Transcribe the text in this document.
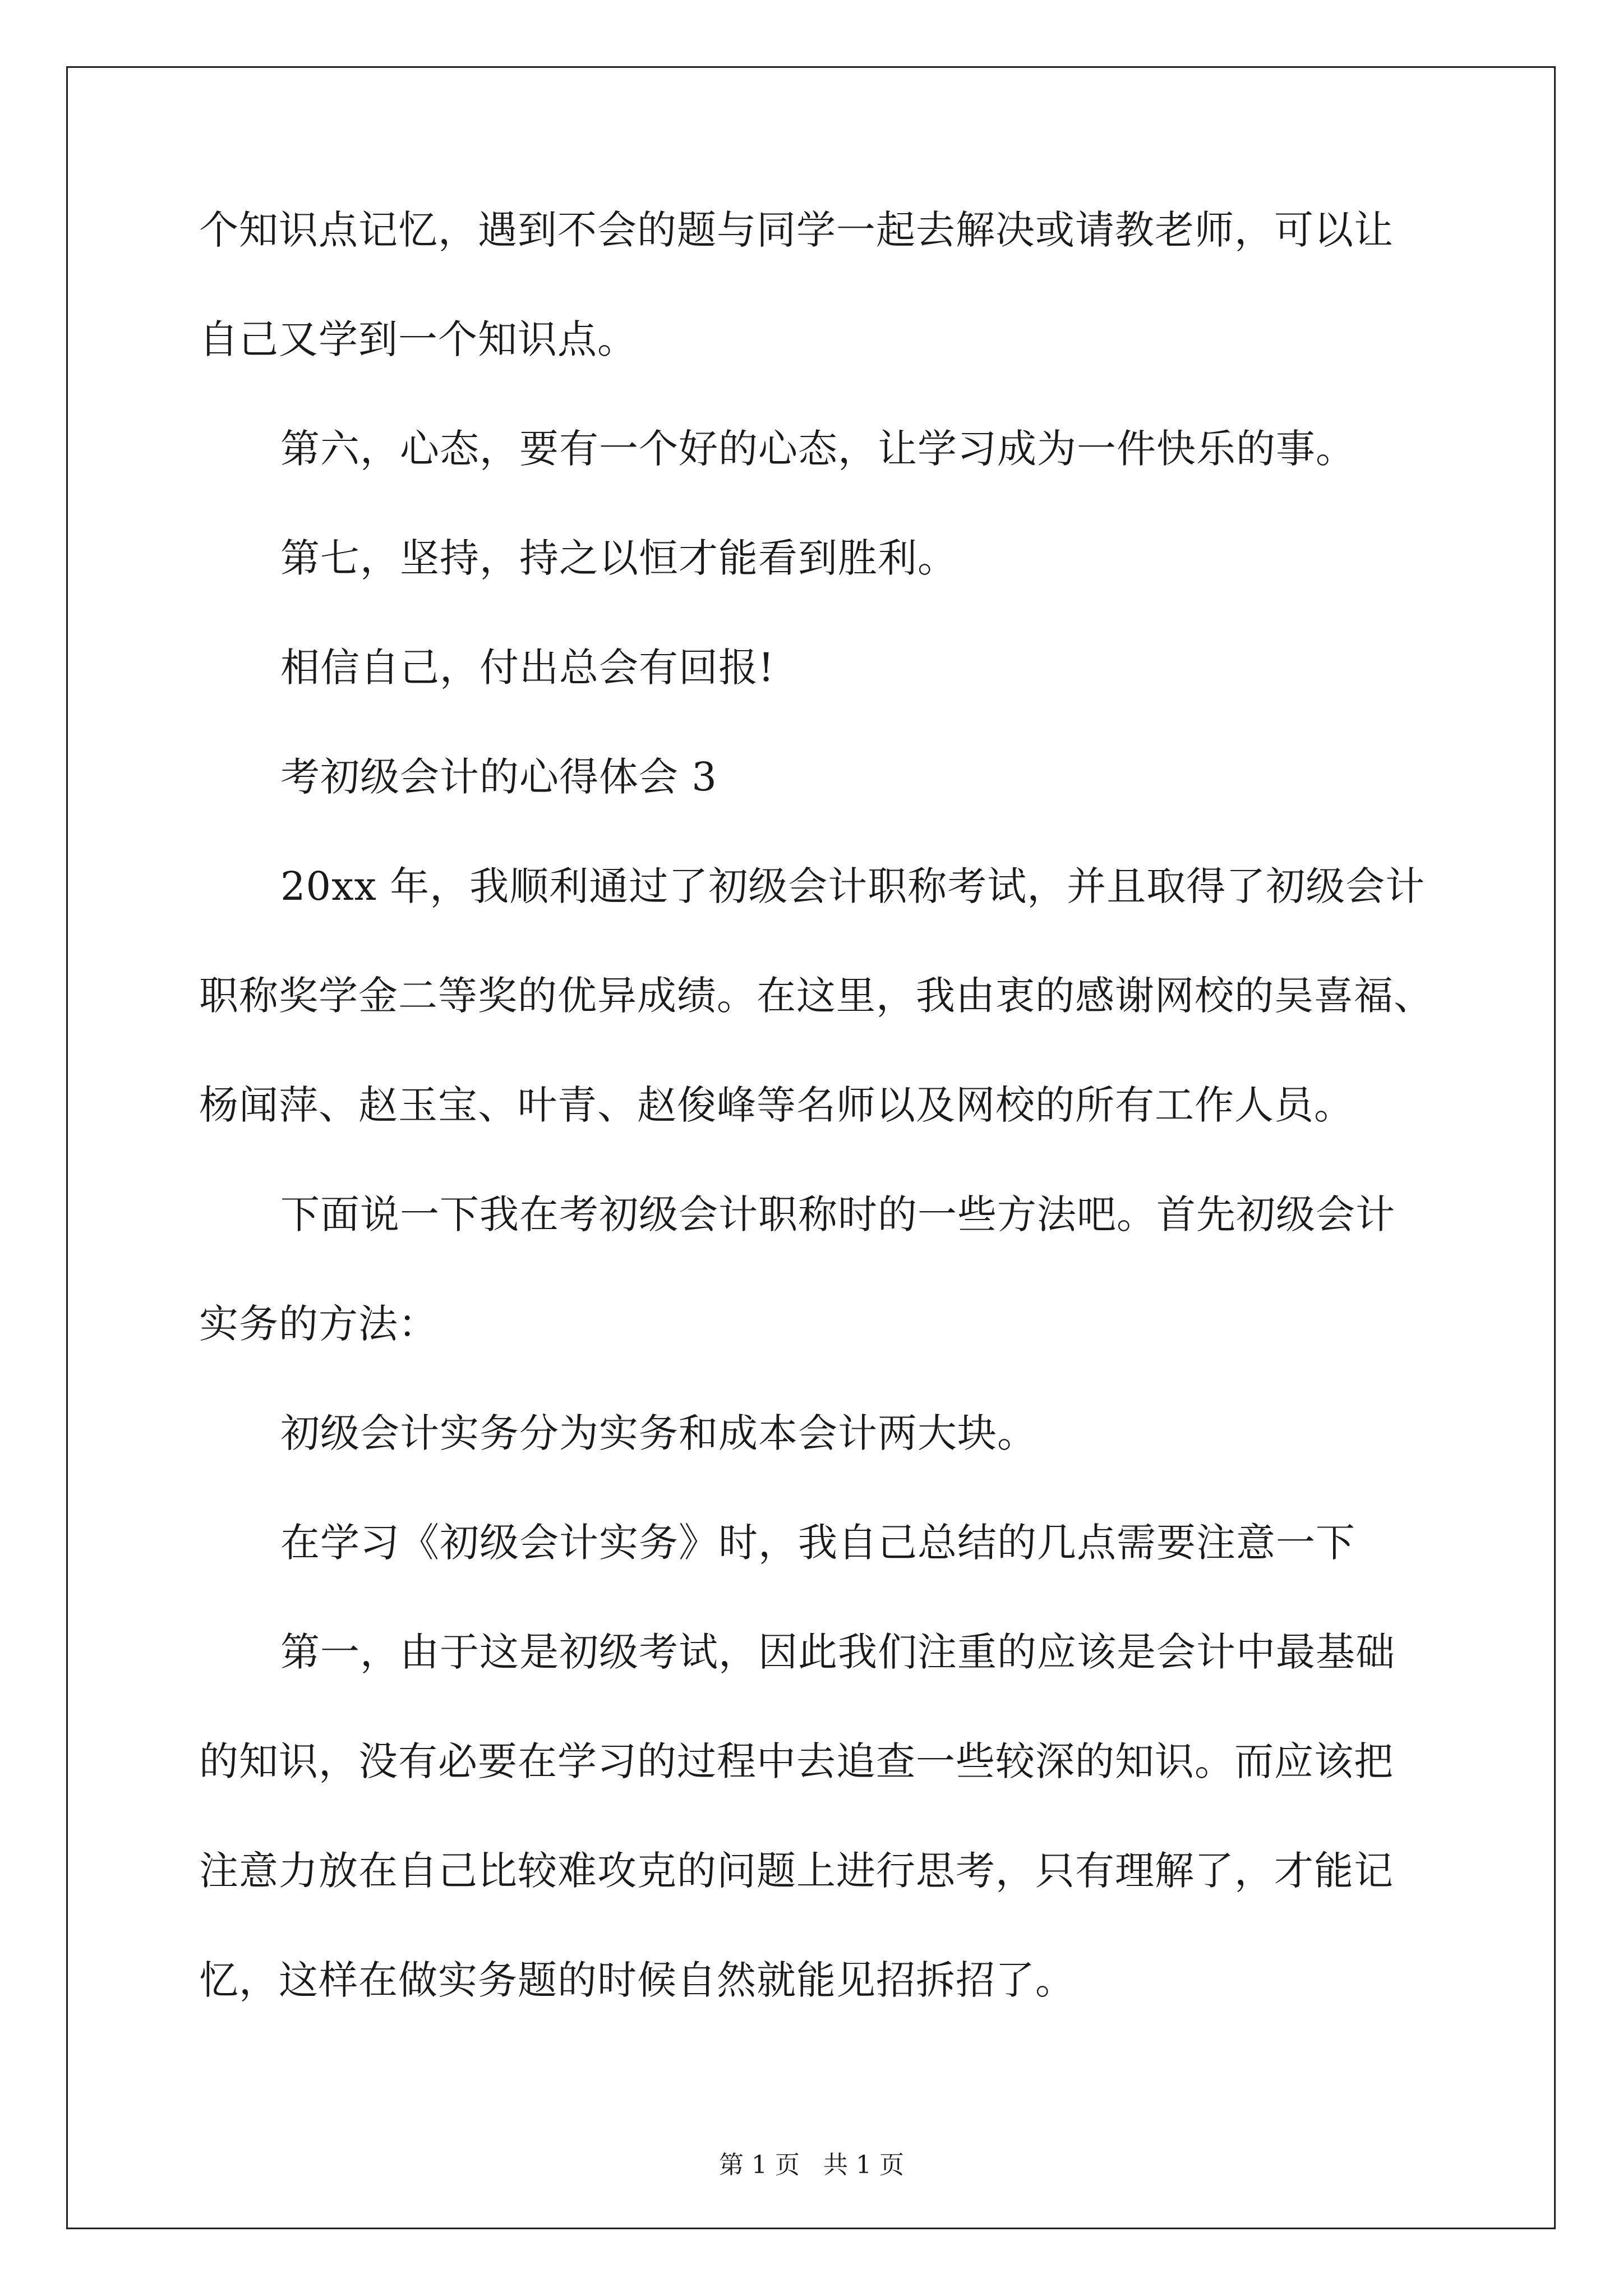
个知识点记忆，遇到不会的题与同学一起去解决或请教老师，可以让
自己又学到一个知识点。
第六，心态，要有一个好的心态，让学习成为一件快乐的事。
第七，坚持，持之以恒才能看到胜利。
相信自己，付出总会有回报!
考初级会计的心得体会 3
20xx 年，我顺利通过了初级会计职称考试，并且取得了初级会计
职称奖学金二等奖的优异成绩。在这里，我由衷的感谢网校的吴喜福、
杨闻萍、赵玉宝、叶青、赵俊峰等名师以及网校的所有工作人员。
下面说一下我在考初级会计职称时的一些方法吧。首先初级会计
实务的方法：
初级会计实务分为实务和成本会计两大块。
在学习《初级会计实务》时，我自己总结的几点需要注意一下
第一，由于这是初级考试，因此我们注重的应该是会计中最基础
的知识，没有必要在学习的过程中去追查一些较深的知识。而应该把
注意力放在自己比较难攻克的问题上进行思考，只有理解了，才能记
忆，这样在做实务题的时候自然就能见招拆招了。
第 1 页 共 1 页
